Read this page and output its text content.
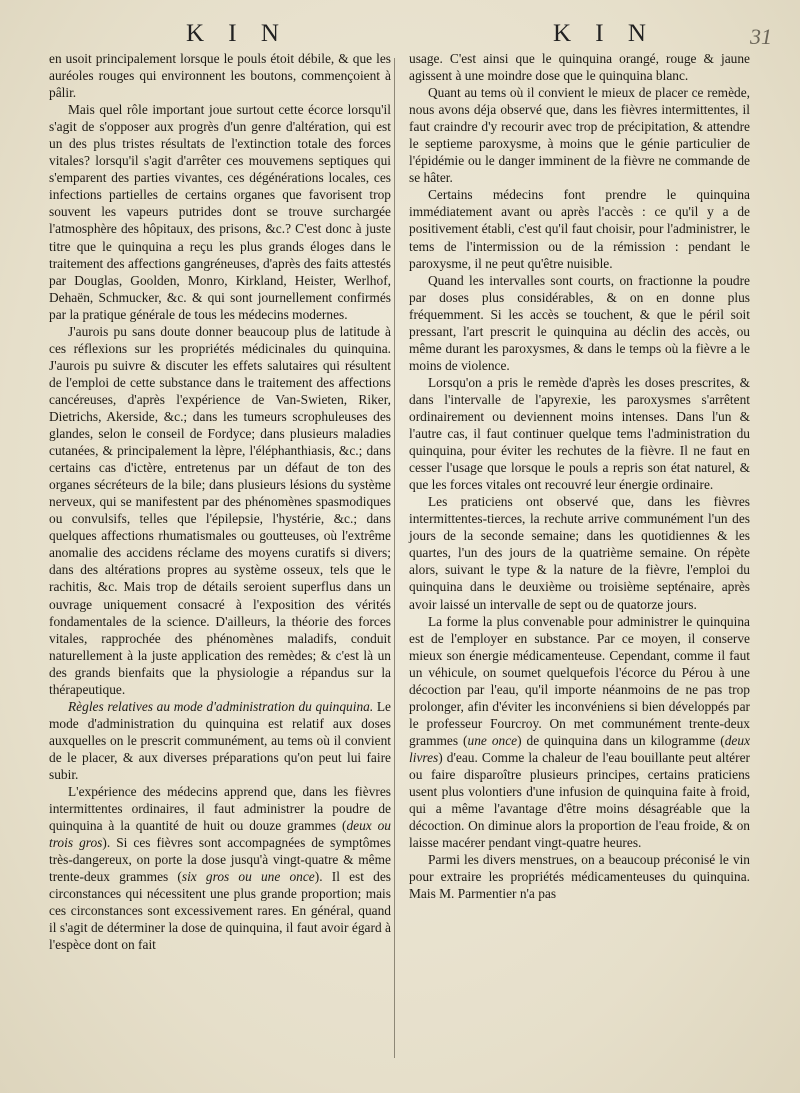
K I N	K I N	31

en usoit principalement lorsque le pouls étoit débile, & que les auréoles rouges qui environnent les boutons, commençoient à pâlir.

Mais quel rôle important joue surtout cette écorce lorsqu'il s'agit de s'opposer aux progrès d'un genre d'altération, qui est un des plus tristes résultats de l'extinction totale des forces vitales? lorsqu'il s'agit d'arrêter ces mouvemens septiques qui s'emparent des parties vivantes, ces dégénérations locales, ces infections partielles de certains organes que favorisent trop souvent les vapeurs putrides dont se trouve surchargée l'atmosphère des hôpitaux, des prisons, &c.? C'est donc à juste titre que le quinquina a reçu les plus grands éloges dans le traitement des affections gangréneuses, d'après des faits attestés par Douglas, Goolden, Monro, Kirkland, Heister, Werlhof, Dehaën, Schmucker, &c. & qui sont journellement confirmés par la pratique générale de tous les médecins modernes.

J'aurois pu sans doute donner beaucoup plus de latitude à ces réflexions sur les propriétés médicinales du quinquina. J'aurois pu suivre & discuter les effets salutaires qui résultent de l'emploi de cette substance dans le traitement des affections cancéreuses, d'après l'expérience de Van-Swieten, Riker, Dietrichs, Akerside, &c.; dans les tumeurs scrophuleuses des glandes, selon le conseil de Fordyce; dans plusieurs maladies cutanées, & principalement la lèpre, l'éléphanthiasis, &c.; dans certains cas d'ictère, entretenus par un défaut de ton des organes sécréteurs de la bile; dans plusieurs lésions du système nerveux, qui se manifestent par des phénomènes spasmodiques ou convulsifs, telles que l'épilepsie, l'hystérie, &c.; dans quelques affections rhumatismales ou goutteuses, où l'extrême anomalie des accidens réclame des moyens curatifs si divers; dans des altérations propres au système osseux, tels que le rachitis, &c. Mais trop de détails seroient superflus dans un ouvrage uniquement consacré à l'exposition des vérités fondamentales de la science. D'ailleurs, la théorie des forces vitales, rapprochée des phénomènes maladifs, conduit naturellement à la juste application des remèdes; & c'est là un des grands bienfaits que la physiologie a répandus sur la thérapeutique.

Règles relatives au mode d'administration du quinquina. Le mode d'administration du quinquina est relatif aux doses auxquelles on le prescrit communément, au tems où il convient de le placer, & aux diverses préparations qu'on peut lui faire subir.

L'expérience des médecins apprend que, dans les fièvres intermittentes ordinaires, il faut administrer la poudre de quinquina à la quantité de huit ou douze grammes (deux ou trois gros). Si ces fièvres sont accompagnées de symptômes très-dangereux, on porte la dose jusqu'à vingt-quatre & même trente-deux grammes (six gros ou une once). Il est des circonstances qui nécessitent une plus grande proportion; mais ces circonstances sont excessivement rares. En général, quand il s'agit de déterminer la dose de quinquina, il faut avoir égard à l'espèce dont on fait

usage. C'est ainsi que le quinquina orangé, rouge & jaune agissent à une moindre dose que le quinquina blanc.

Quant au tems où il convient le mieux de placer ce remède, nous avons déja observé que, dans les fièvres intermittentes, il faut craindre d'y recourir avec trop de précipitation, & attendre le septieme paroxysme, à moins que le génie particulier de l'épidémie ou le danger imminent de la fièvre ne commande de se hâter.

Certains médecins font prendre le quinquina immédiatement avant ou après l'accès : ce qu'il y a de positivement établi, c'est qu'il faut choisir, pour l'administrer, le tems de l'intermission ou de la rémission : pendant le paroxysme, il ne peut qu'être nuisible.

Quand les intervalles sont courts, on fractionne la poudre par doses plus considérables, & on en donne plus fréquemment. Si les accès se touchent, & que le péril soit pressant, l'art prescrit le quinquina au déclin des accès, ou même durant les paroxysmes, & dans le temps où la fièvre a le moins de violence.

Lorsqu'on a pris le remède d'après les doses prescrites, & dans l'intervalle de l'apyrexie, les paroxysmes s'arrêtent ordinairement ou deviennent moins intenses. Dans l'un & l'autre cas, il faut continuer quelque tems l'administration du quinquina, pour éviter les rechutes de la fièvre. Il ne faut en cesser l'usage que lorsque le pouls a repris son état naturel, & que les forces vitales ont recouvré leur énergie ordinaire.

Les praticiens ont observé que, dans les fièvres intermittentes-tierces, la rechute arrive communément l'un des jours de la seconde semaine; dans les quotidiennes & les quartes, l'un des jours de la quatrième semaine. On répète alors, suivant le type & la nature de la fièvre, l'emploi du quinquina dans le deuxième ou troisième septénaire, après avoir laissé un intervalle de sept ou de quatorze jours.

La forme la plus convenable pour administrer le quinquina est de l'employer en substance. Par ce moyen, il conserve mieux son énergie médicamenteuse. Cependant, comme il faut un véhicule, on soumet quelquefois l'écorce du Pérou à une décoction par l'eau, qu'il importe néanmoins de ne pas trop prolonger, afin d'éviter les inconvéniens si bien développés par le professeur Fourcroy. On met communément trente-deux grammes (une once) de quinquina dans un kilogramme (deux livres) d'eau. Comme la chaleur de l'eau bouillante peut altérer ou faire disparoître plusieurs principes, certains praticiens usent plus volontiers d'une infusion de quinquina faite à froid, qui a même l'avantage d'être moins désagréable que la décoction. On diminue alors la proportion de l'eau froide, & on laisse macérer pendant vingt-quatre heures.

Parmi les divers menstrues, on a beaucoup préconisé le vin pour extraire les propriétés médicamenteuses du quinquina. Mais M. Parmentier n'a pas
